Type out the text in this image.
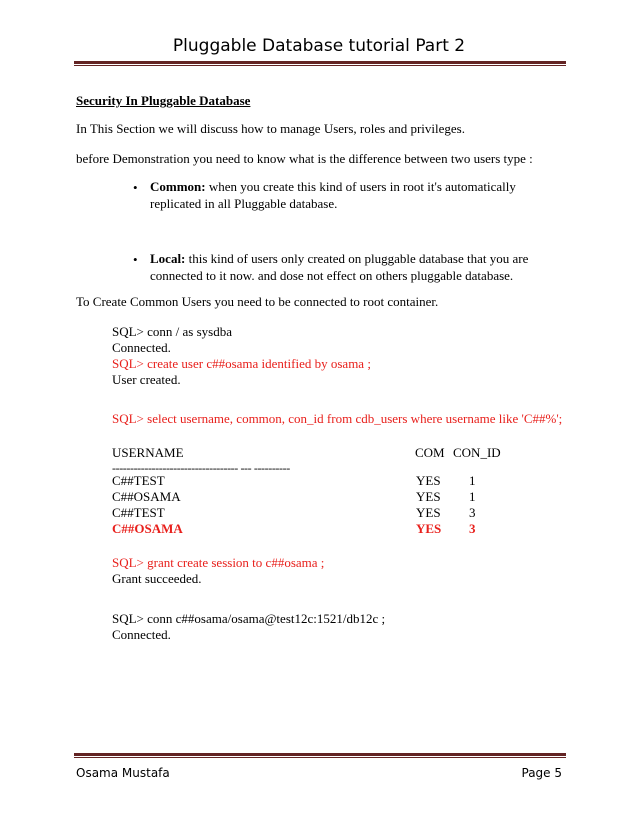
Pluggable Database tutorial Part 2
Security In Pluggable Database
In This Section we will discuss how to manage Users, roles and privileges.
before Demonstration you need to know what is the difference between two users type :
• Common: when you create this kind of users in root it's automatically replicated in all Pluggable database.
• Local: this kind of users only created on pluggable database that you are connected to it now. and dose not effect on others pluggable database.
To Create Common Users you need to be connected to root container.
SQL> conn / as sysdba
Connected.
SQL> create user c##osama identified by osama ;
User created.
SQL> select username, common, con_id from cdb_users where username like 'C##%';
USERNAME	COM CON_ID
----------------------------------- --- ----------
C##TEST	YES 1
C##OSAMA	YES 1
C##TEST	YES 3
C##OSAMA	YES 3
SQL> grant create session to c##osama ;
Grant succeeded.
SQL> conn c##osama/osama@test12c:1521/db12c ;
Connected.
Osama Mustafa	Page 5
